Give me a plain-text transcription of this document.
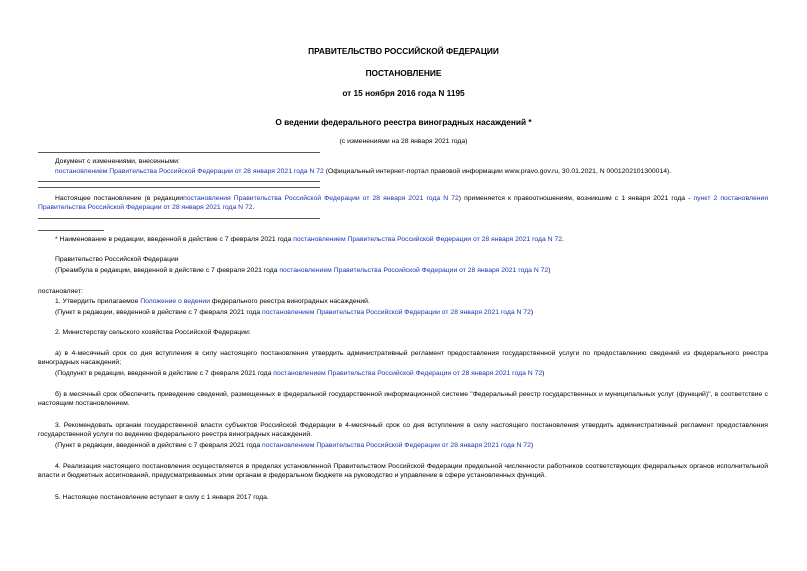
ПРАВИТЕЛЬСТВО РОССИЙСКОЙ ФЕДЕРАЦИИ
ПОСТАНОВЛЕНИЕ
от 15 ноября 2016 года N 1195
О ведении федерального реестра виноградных насаждений *
(с изменениями на 28 января 2021 года)
Документ с изменениями, внесенными:
постановлением Правительства Российской Федерации от 28 января 2021 года N 72 (Официальный интернет-портал правовой информации www.pravo.gov.ru, 30.01.2021, N 0001202101300014).
Настоящее постановление (в редакциипостановления Правительства Российской Федерации от 28 января 2021 года N 72) применяется к правоотношениям, возникшим с 1 января 2021 года - пункт 2 постановления Правительства Российской Федерации от 28 января 2021 года N 72.
* Наименование в редакции, введенной в действие с 7 февраля 2021 года постановлением Правительства Российской Федерации от 28 января 2021 года N 72.
Правительство Российской Федерации
(Преамбула в редакции, введенной в действие с 7 февраля 2021 года постановлением Правительства Российской Федерации от 28 января 2021 года N 72)
постановляет:
1. Утвердить прилагаемое Положение о ведении федерального реестра виноградных насаждений.
(Пункт в редакции, введенной в действие с 7 февраля 2021 года постановлением Правительства Российской Федерации от 28 января 2021 года N 72)
2. Министерству сельского хозяйства Российской Федерации:
а) в 4-месячный срок со дня вступления в силу настоящего постановления утвердить административный регламент предоставления государственной услуги по предоставлению сведений из федерального реестра виноградных насаждений;
(Подпункт в редакции, введенной в действие с 7 февраля 2021 года постановлением Правительства Российской Федерации от 28 января 2021 года N 72)
б) в месячный срок обеспечить приведение сведений, размещенных в федеральной государственной информационной системе "Федеральный реестр государственных и муниципальных услуг (функций)", в соответствие с настоящим постановлением.
3. Рекомендовать органам государственной власти субъектов Российской Федерации в 4-месячный срок со дня вступления в силу настоящего постановления утвердить административный регламент предоставления государственной услуги по ведению федерального реестра виноградных насаждений.
(Пункт в редакции, введенной в действие с 7 февраля 2021 года постановлением Правительства Российской Федерации от 28 января 2021 года N 72)
4. Реализация настоящего постановления осуществляется в пределах установленной Правительством Российской Федерации предельной численности работников соответствующих федеральных органов исполнительной власти и бюджетных ассигнований, предусматриваемых этим органам в федеральном бюджете на руководство и управление в сфере установленных функций.
5. Настоящее постановление вступает в силу с 1 января 2017 года.
